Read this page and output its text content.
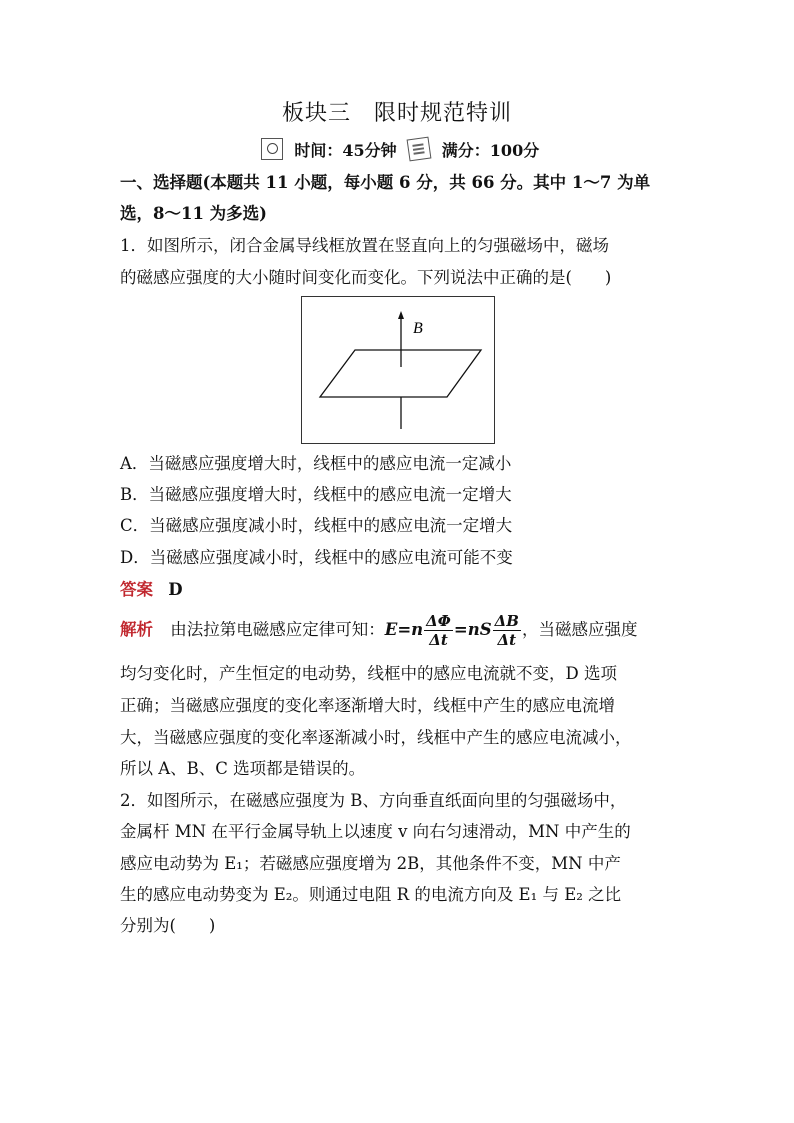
板块三　限时规范特训
时间：45分钟	满分：100分
一、选择题(本题共 11 小题，每小题 6 分，共 66 分。其中 1～7 为单
选，8～11 为多选)
1．如图所示，闭合金属导线框放置在竖直向上的匀强磁场中，磁场
的磁感应强度的大小随时间变化而变化。下列说法中正确的是(　　)
B
A．当磁感应强度增大时，线框中的感应电流一定减小
B．当磁感应强度增大时，线框中的感应电流一定增大
C．当磁感应强度减小时，线框中的感应电流一定增大
D．当磁感应强度减小时，线框中的感应电流可能不变
答案 D
解析 由法拉第电磁感应定律可知：$E=n \frac{\Delta\Phi}{\Delta t} =nS \frac{\Delta B}{\Delta t}$ ，当磁感应强度
均匀变化时，产生恒定的电动势，线框中的感应电流就不变，D 选项
正确；当磁感应强度的变化率逐渐增大时，线框中产生的感应电流增
大，当磁感应强度的变化率逐渐减小时，线框中产生的感应电流减小，
所以 A、B、C 选项都是错误的。
2．如图所示，在磁感应强度为 B、方向垂直纸面向里的匀强磁场中，
金属杆 MN 在平行金属导轨上以速度 v 向右匀速滑动，MN 中产生的
感应电动势为 E₁；若磁感应强度增为 2B，其他条件不变，MN 中产
生的感应电动势变为 E₂。则通过电阻 R 的电流方向及 E₁ 与 E₂ 之比
分别为(　　)
